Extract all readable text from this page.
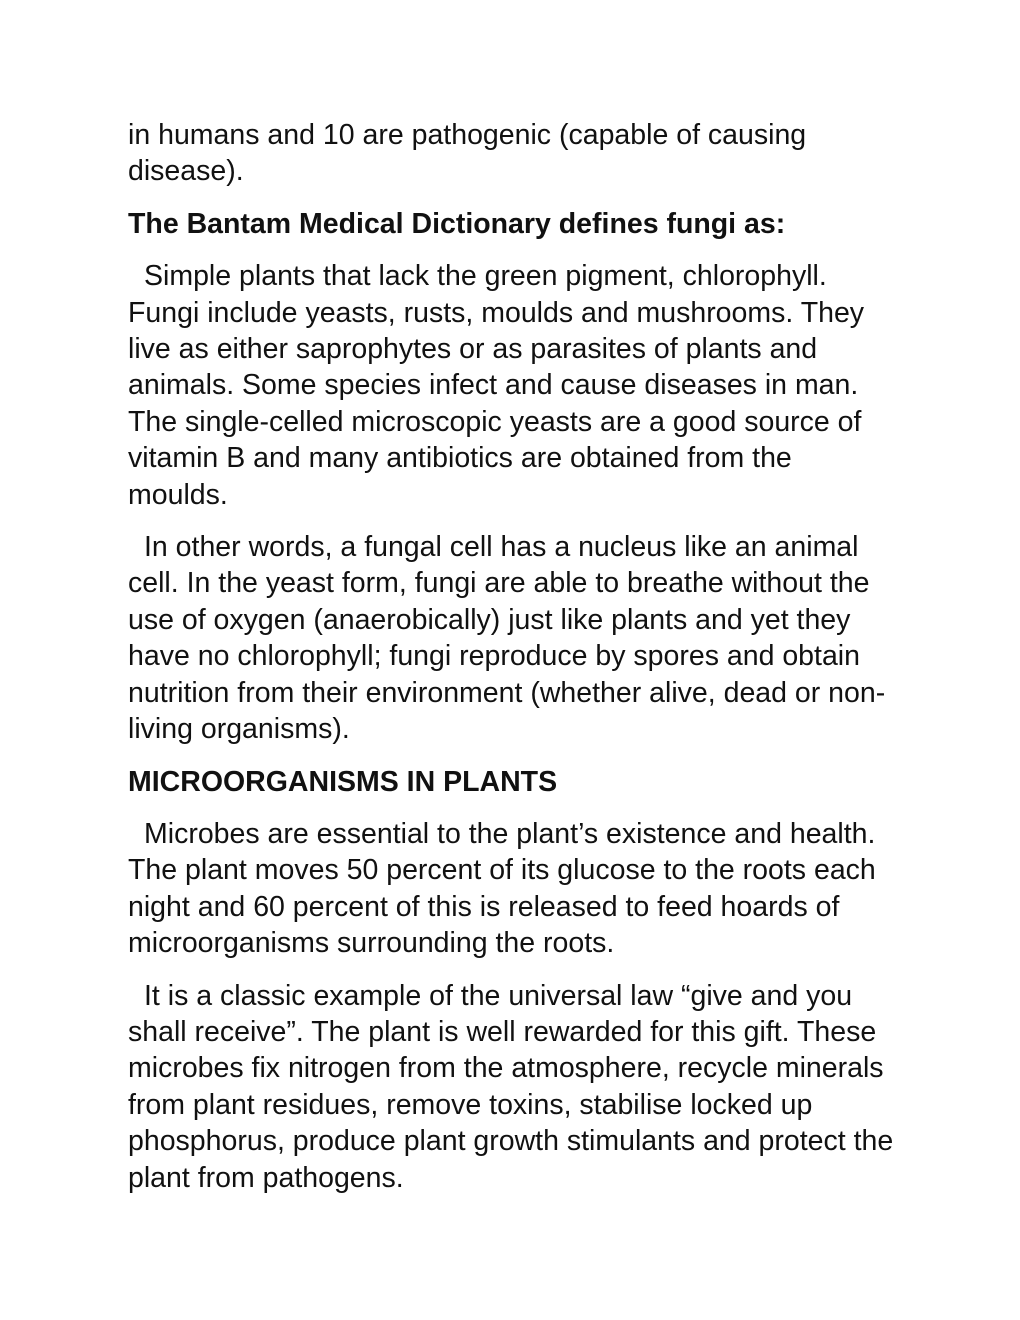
in humans and 10 are pathogenic (capable of causing disease).

The Bantam Medical Dictionary defines fungi as:

Simple plants that lack the green pigment, chlorophyll. Fungi include yeasts, rusts, moulds and mushrooms. They live as either saprophytes or as parasites of plants and animals. Some species infect and cause diseases in man. The single-celled microscopic yeasts are a good source of vitamin B and many antibiotics are obtained from the moulds.

In other words, a fungal cell has a nucleus like an animal cell. In the yeast form, fungi are able to breathe without the use of oxygen (anaerobically) just like plants and yet they have no chlorophyll; fungi reproduce by spores and obtain nutrition from their environment (whether alive, dead or non-living organisms).

MICROORGANISMS IN PLANTS

Microbes are essential to the plant’s existence and health. The plant moves 50 percent of its glucose to the roots each night and 60 percent of this is released to feed hoards of microorganisms surrounding the roots.

It is a classic example of the universal law “give and you shall receive”. The plant is well rewarded for this gift. These microbes fix nitrogen from the atmosphere, recycle minerals from plant residues, remove toxins, stabilise locked up phosphorus, produce plant growth stimulants and protect the plant from pathogens.
